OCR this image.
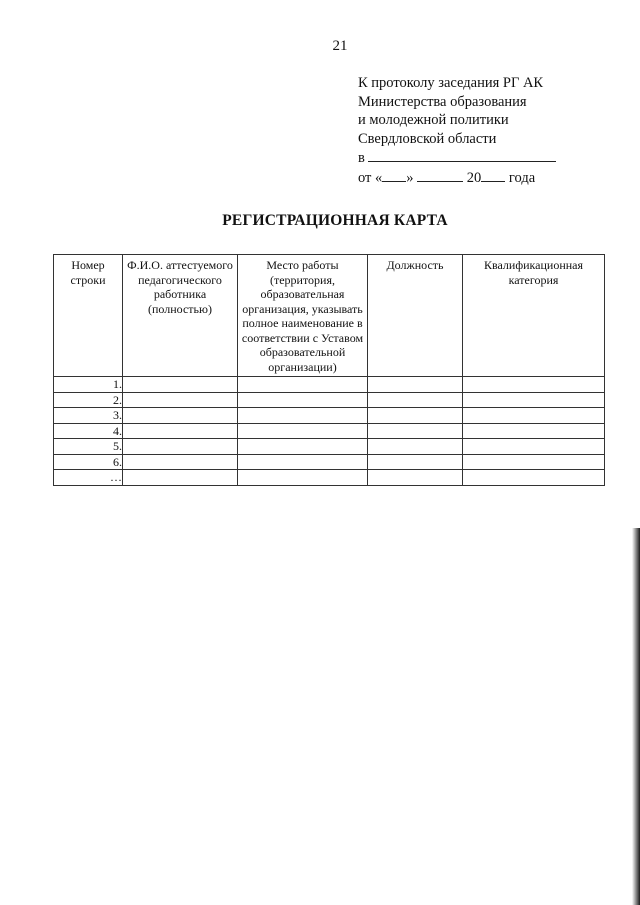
21
К протоколу заседания РГ АК
Министерства образования
и молодежной политики
Свердловской области
в
от « »	20 года
РЕГИСТРАЦИОННАЯ КАРТА
Номер строки	Ф.И.О. аттестуемого педагогического работника (полностью)	Место работы (территория, образовательная организация, указывать полное наименование в соответствии с Уставом образовательной организации)	Должность	Квалификационная категория
1.				
2.				
3.				
4.				
5.				
6.				
…				
